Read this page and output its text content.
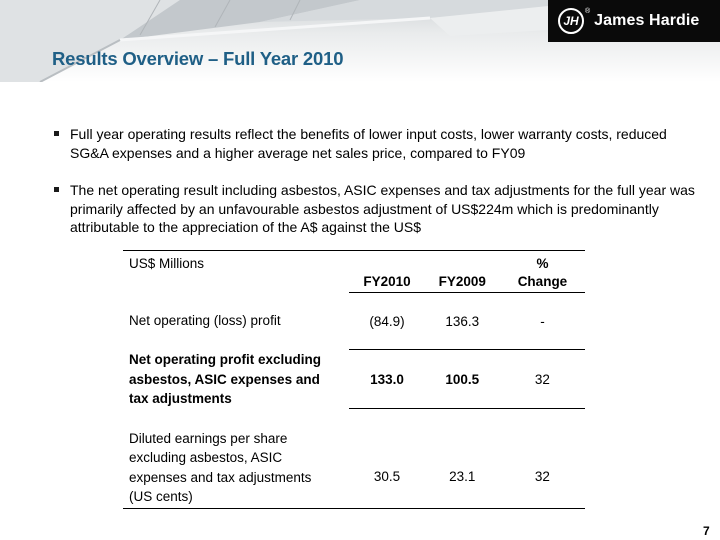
JH
®
James Hardie
Results Overview – Full Year 2010
Full year operating results reflect the benefits of lower input costs, lower warranty costs, reduced SG&A expenses and a higher average net sales price, compared to FY09
The net operating result including asbestos, ASIC expenses and tax adjustments for the full year was primarily affected by an unfavourable asbestos adjustment of US$224m which is predominantly attributable to the appreciation of the A$ against the US$

US$ Millions			%
	FY2010	FY2009	Change
Net operating (loss) profit	(84.9)	136.3	-

Net operating profit excluding
asbestos, ASIC expenses and
tax adjustments	133.0	100.5	32

Diluted earnings per share
excluding asbestos, ASIC
expenses and tax adjustments
(US cents)	30.5	23.1	32
7
